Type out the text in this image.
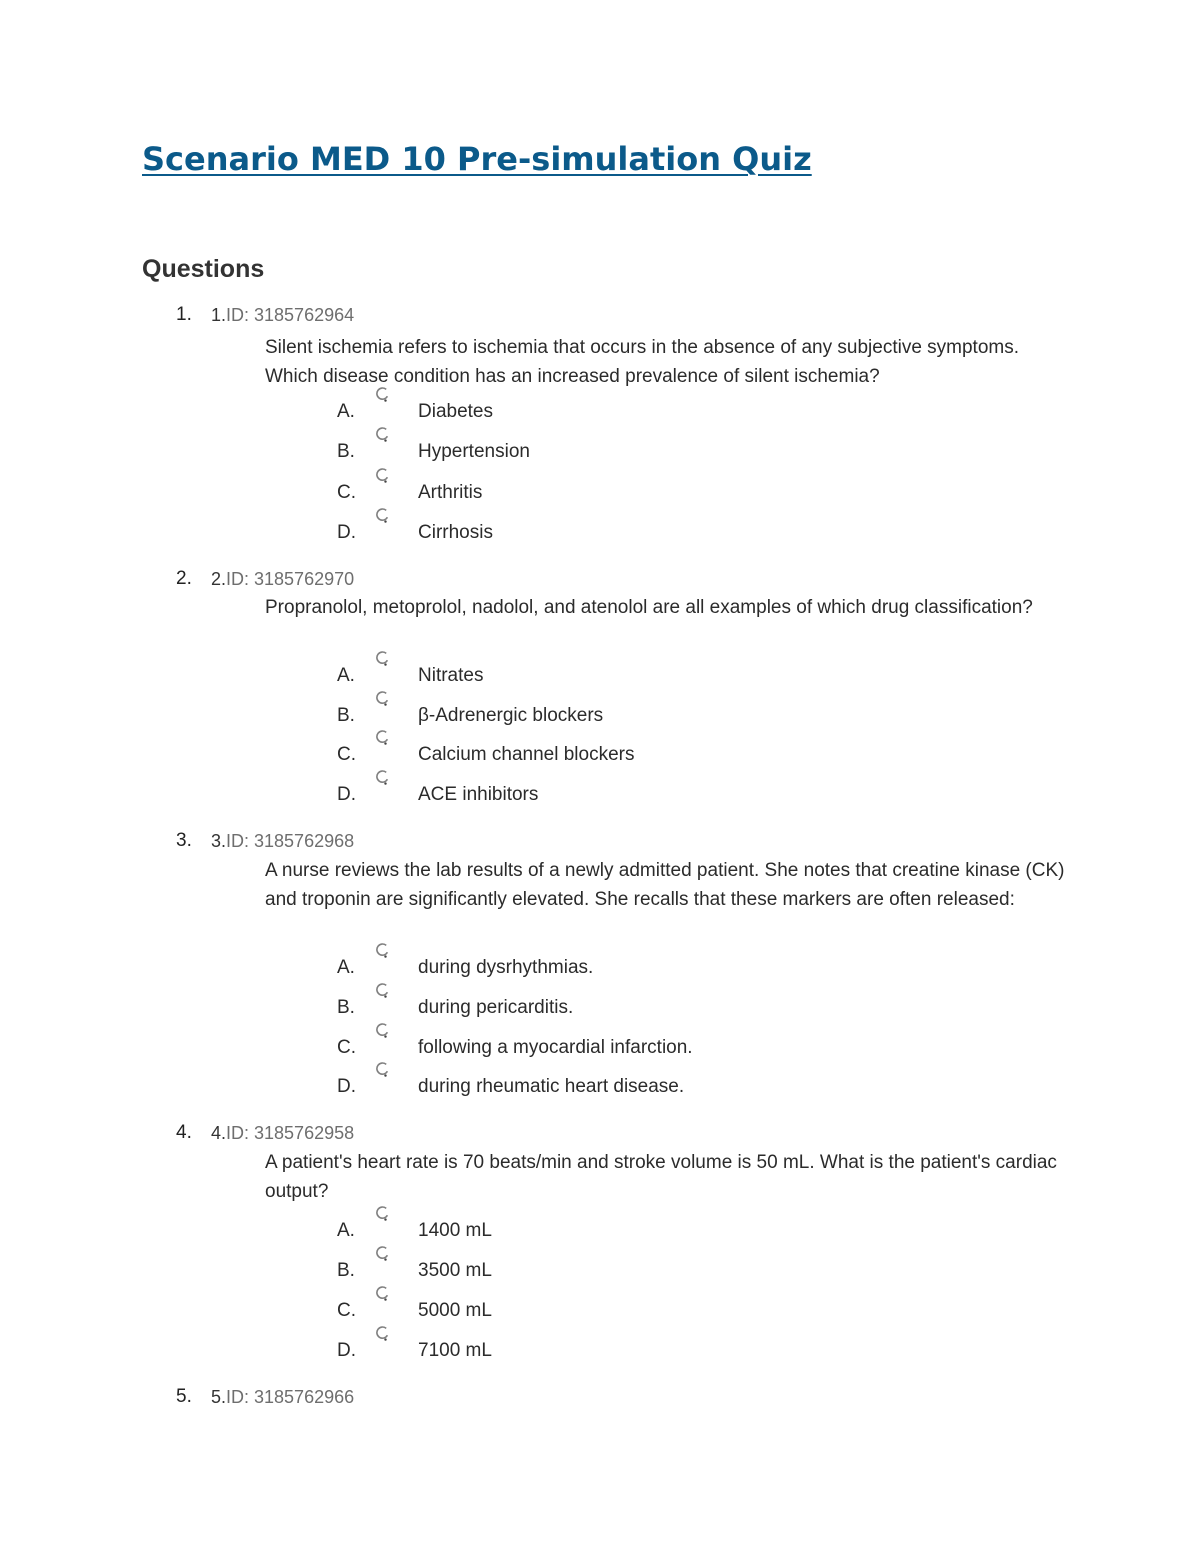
Scenario MED 10 Pre-simulation Quiz
Questions
1. 1.ID: 3185762964
Silent ischemia refers to ischemia that occurs in the absence of any subjective symptoms. Which disease condition has an increased prevalence of silent ischemia?
A.	Diabetes
B.	Hypertension
C.	Arthritis
D.	Cirrhosis
2. 2.ID: 3185762970
Propranolol, metoprolol, nadolol, and atenolol are all examples of which drug classification?
A.	Nitrates
B.	β-Adrenergic blockers
C.	Calcium channel blockers
D.	ACE inhibitors
3. 3.ID: 3185762968
A nurse reviews the lab results of a newly admitted patient. She notes that creatine kinase (CK) and troponin are significantly elevated. She recalls that these markers are often released:
A.	during dysrhythmias.
B.	during pericarditis.
C.	following a myocardial infarction.
D.	during rheumatic heart disease.
4. 4.ID: 3185762958
A patient's heart rate is 70 beats/min and stroke volume is 50 mL. What is the patient's cardiac output?
A.	1400 mL
B.	3500 mL
C.	5000 mL
D.	7100 mL
5. 5.ID: 3185762966
